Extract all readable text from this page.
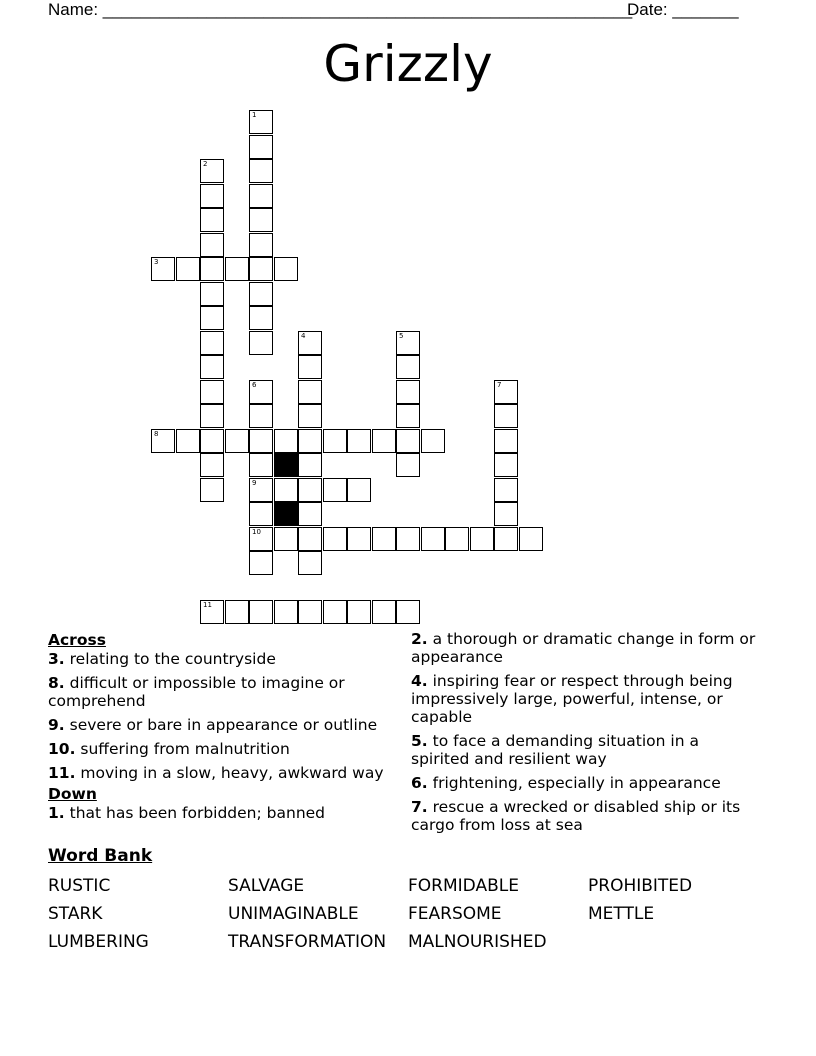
Name: ________________________________________________________
Date: _______
Grizzly
1
2
3
4	5
6
9
10
7
8
11
Across
3. relating to the countryside
8. difficult or impossible to imagine or comprehend
9. severe or bare in appearance or outline
10. suffering from malnutrition
11. moving in a slow, heavy, awkward way
Down
1. that has been forbidden; banned
2. a thorough or dramatic change in form or appearance
4. inspiring fear or respect through being impressively large, powerful, intense, or capable
5. to face a demanding situation in a spirited and resilient way
6. frightening, especially in appearance
7. rescue a wrecked or disabled ship or its cargo from loss at sea
Word Bank
RUSTIC	SALVAGE	FORMIDABLE	PROHIBITED
STARK	UNIMAGINABLE	FEARSOME	METTLE
LUMBERING	TRANSFORMATION MALNOURISHED
